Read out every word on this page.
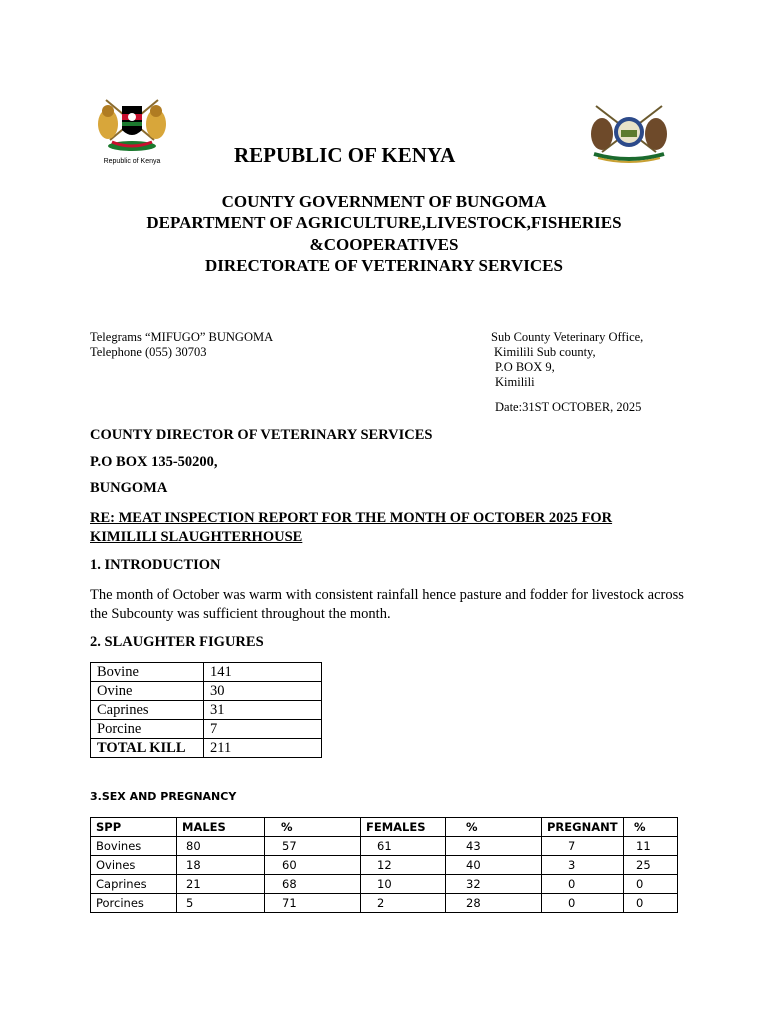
Republic of Kenya	REPUBLIC OF KENYA
COUNTY GOVERNMENT OF BUNGOMA
DEPARTMENT OF AGRICULTURE,LIVESTOCK,FISHERIES
&COOPERATIVES
DIRECTORATE OF VETERINARY SERVICES
Telegrams “MIFUGO” BUNGOMA
Telephone (055) 30703
Sub County Veterinary Office,
Kimilili Sub county,
P.O BOX 9,
Kimilili
Date:31ST OCTOBER, 2025
COUNTY DIRECTOR OF VETERINARY SERVICES
P.O BOX 135-50200,
BUNGOMA
RE: MEAT INSPECTION REPORT FOR THE MONTH OF OCTOBER 2025 FOR
KIMILILI SLAUGHTERHOUSE
1. INTRODUCTION
The month of October was warm with consistent rainfall hence pasture and fodder for livestock across the Subcounty was sufficient throughout the month.
2. SLAUGHTER FIGURES
Bovine	141
Ovine	30
Caprines	31
Porcine	7
TOTAL KILL	211
3.SEX AND PREGNANCY
SPP	MALES	%	FEMALES	%	PREGNANT	%
Bovines	80	57	61	43	7	11
Ovines	18	60	12	40	3	25
Caprines	21	68	10	32	0	0
Porcines	5	71	2	28	0	0
